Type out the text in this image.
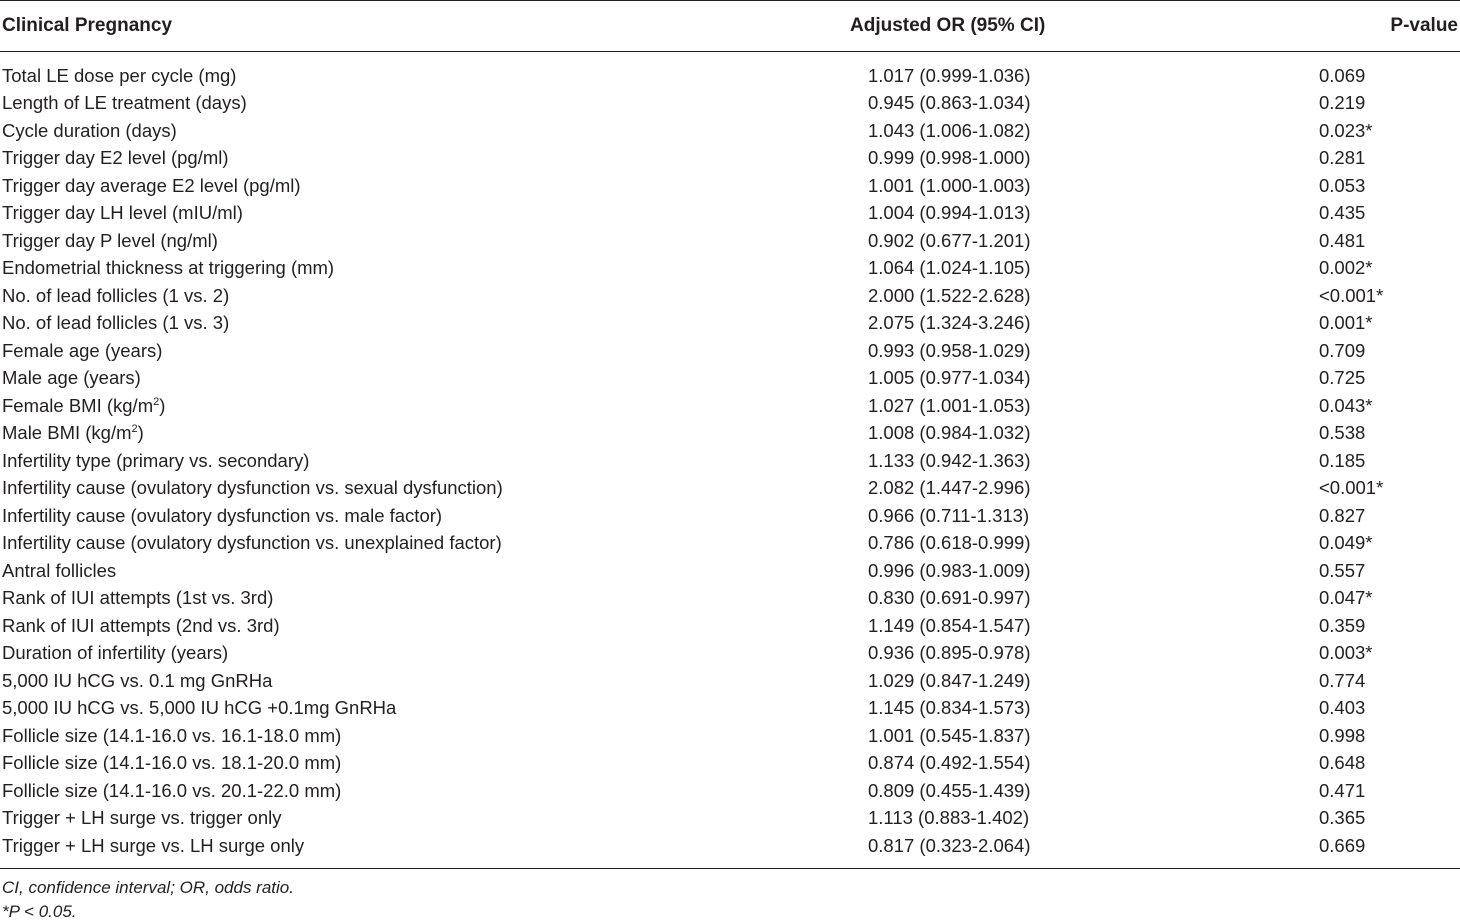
Clinical Pregnancy	Adjusted OR (95% CI)	P-value
Total LE dose per cycle (mg)	1.017 (0.999-1.036)	0.069
Length of LE treatment (days)	0.945 (0.863-1.034)	0.219
Cycle duration (days)	1.043 (1.006-1.082)	0.023*
Trigger day E2 level (pg/ml)	0.999 (0.998-1.000)	0.281
Trigger day average E2 level (pg/ml)	1.001 (1.000-1.003)	0.053
Trigger day LH level (mIU/ml)	1.004 (0.994-1.013)	0.435
Trigger day P level (ng/ml)	0.902 (0.677-1.201)	0.481
Endometrial thickness at triggering (mm)	1.064 (1.024-1.105)	0.002*
No. of lead follicles (1 vs. 2)	2.000 (1.522-2.628)	<0.001*
No. of lead follicles (1 vs. 3)	2.075 (1.324-3.246)	0.001*
Female age (years)	0.993 (0.958-1.029)	0.709
Male age (years)	1.005 (0.977-1.034)	0.725
Female BMI $(kg/m^2)$	1.027 (1.001-1.053)	0.043*
Male BMI $(kg/m^2)$	1.008 (0.984-1.032)	0.538
Infertility type (primary vs. secondary)	1.133 (0.942-1.363)	0.185
Infertility cause (ovulatory dysfunction vs. sexual dysfunction)	2.082 (1.447-2.996)	<0.001*
Infertility cause (ovulatory dysfunction vs. male factor)	0.966 (0.711-1.313)	0.827
Infertility cause (ovulatory dysfunction vs. unexplained factor)	0.786 (0.618-0.999)	0.049*
Antral follicles	0.996 (0.983-1.009)	0.557
Rank of IUI attempts (1st vs. 3rd)	0.830 (0.691-0.997)	0.047*
Rank of IUI attempts (2nd vs. 3rd)	1.149 (0.854-1.547)	0.359
Duration of infertility (years)	0.936 (0.895-0.978)	0.003*
5,000 IU hCG vs. 0.1 mg GnRHa	1.029 (0.847-1.249)	0.774
5,000 IU hCG vs. 5,000 IU hCG +0.1mg GnRHa	1.145 (0.834-1.573)	0.403
Follicle size (14.1-16.0 vs. 16.1-18.0 mm)	1.001 (0.545-1.837)	0.998
Follicle size (14.1-16.0 vs. 18.1-20.0 mm)	0.874 (0.492-1.554)	0.648
Follicle size (14.1-16.0 vs. 20.1-22.0 mm)	0.809 (0.455-1.439)	0.471
Trigger + LH surge vs. trigger only	1.113 (0.883-1.402)	0.365
Trigger + LH surge vs. LH surge only	0.817 (0.323-2.064)	0.669
CI, confidence interval; OR, odds ratio.
*P < 0.05.
